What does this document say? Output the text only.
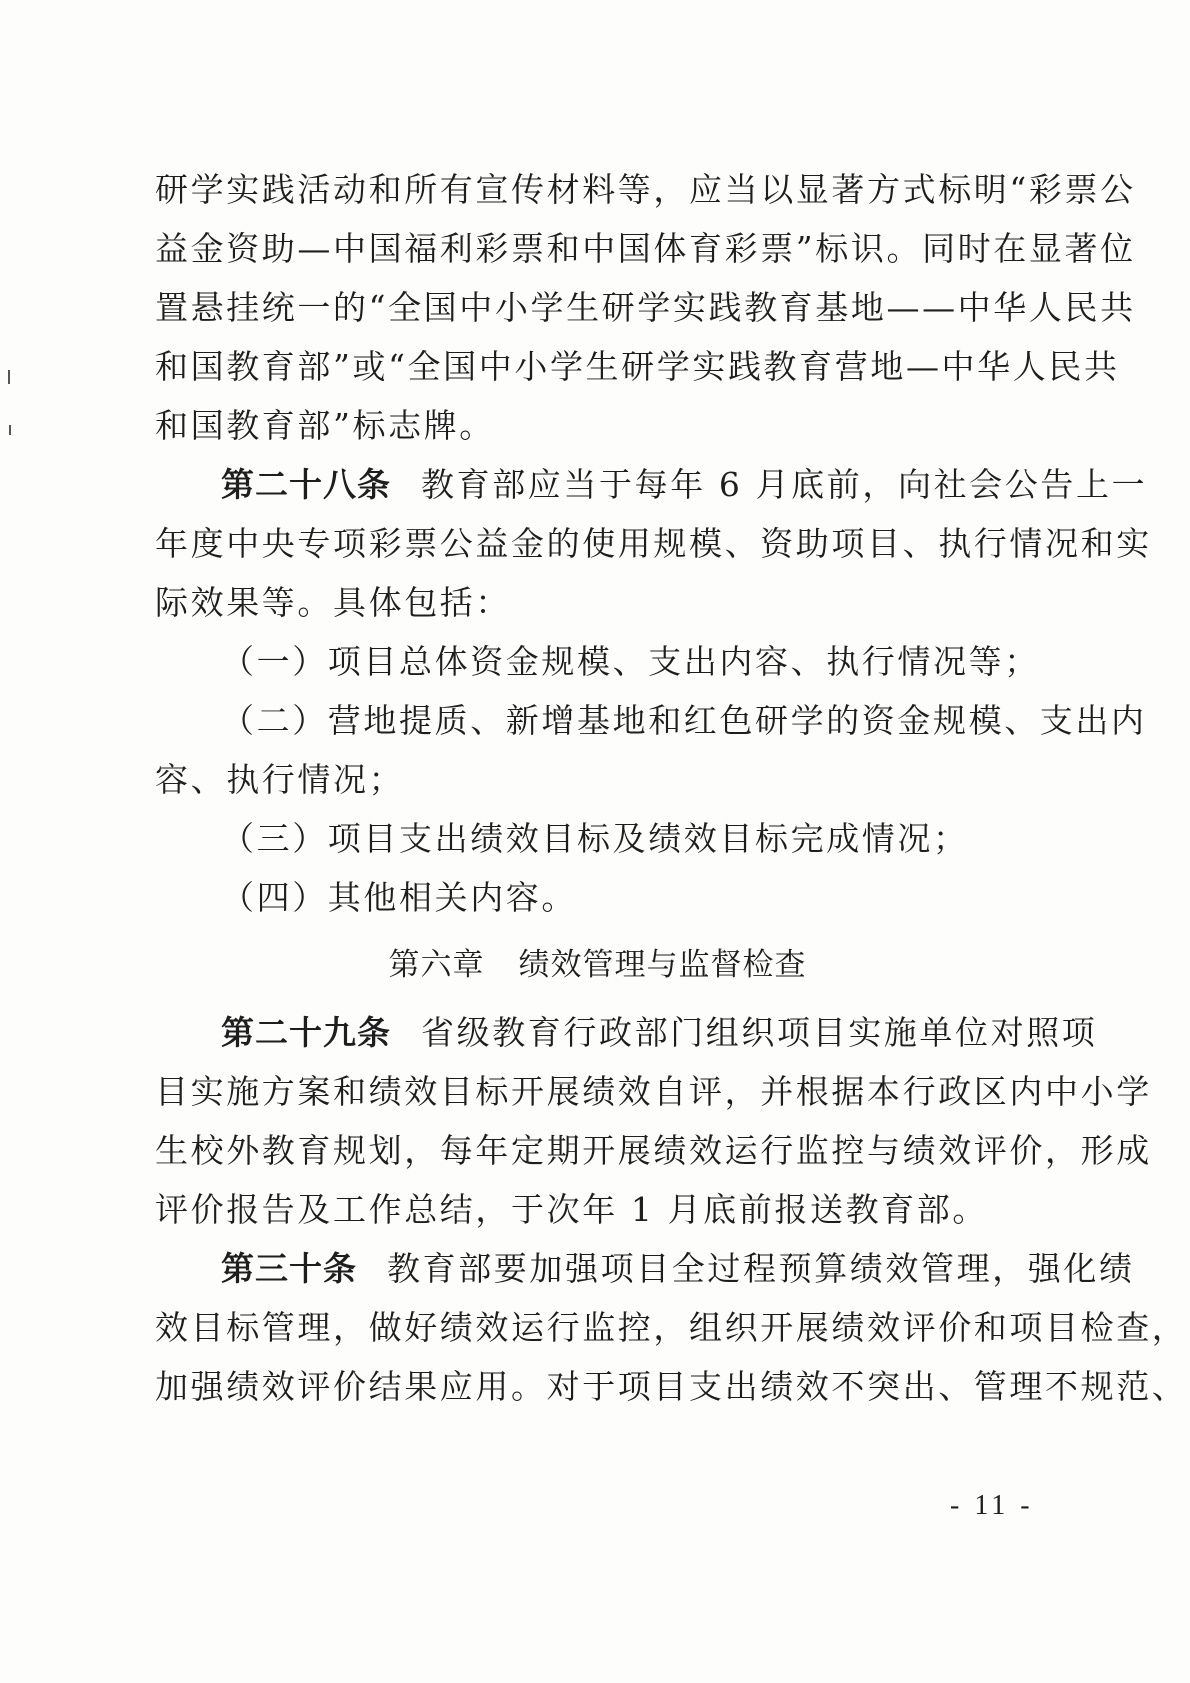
研学实践活动和所有宣传材料等，应当以显著方式标明“彩票公
益金资助—中国福利彩票和中国体育彩票”标识。同时在显著位
置悬挂统一的“全国中小学生研学实践教育基地——中华人民共
和国教育部”或“全国中小学生研学实践教育营地—中华人民共
和国教育部”标志牌。
第二十八条 教育部应当于每年 6 月底前，向社会公告上一
年度中央专项彩票公益金的使用规模、资助项目、执行情况和实
际效果等。具体包括：
（一）项目总体资金规模、支出内容、执行情况等；
（二）营地提质、新增基地和红色研学的资金规模、支出内
容、执行情况；
（三）项目支出绩效目标及绩效目标完成情况；
（四）其他相关内容。
第六章 绩效管理与监督检查
第二十九条 省级教育行政部门组织项目实施单位对照项
目实施方案和绩效目标开展绩效自评，并根据本行政区内中小学
生校外教育规划，每年定期开展绩效运行监控与绩效评价，形成
评价报告及工作总结，于次年 1 月底前报送教育部。
第三十条 教育部要加强项目全过程预算绩效管理，强化绩
效目标管理，做好绩效运行监控，组织开展绩效评价和项目检查，
加强绩效评价结果应用。对于项目支出绩效不突出、管理不规范、
- 11 -
